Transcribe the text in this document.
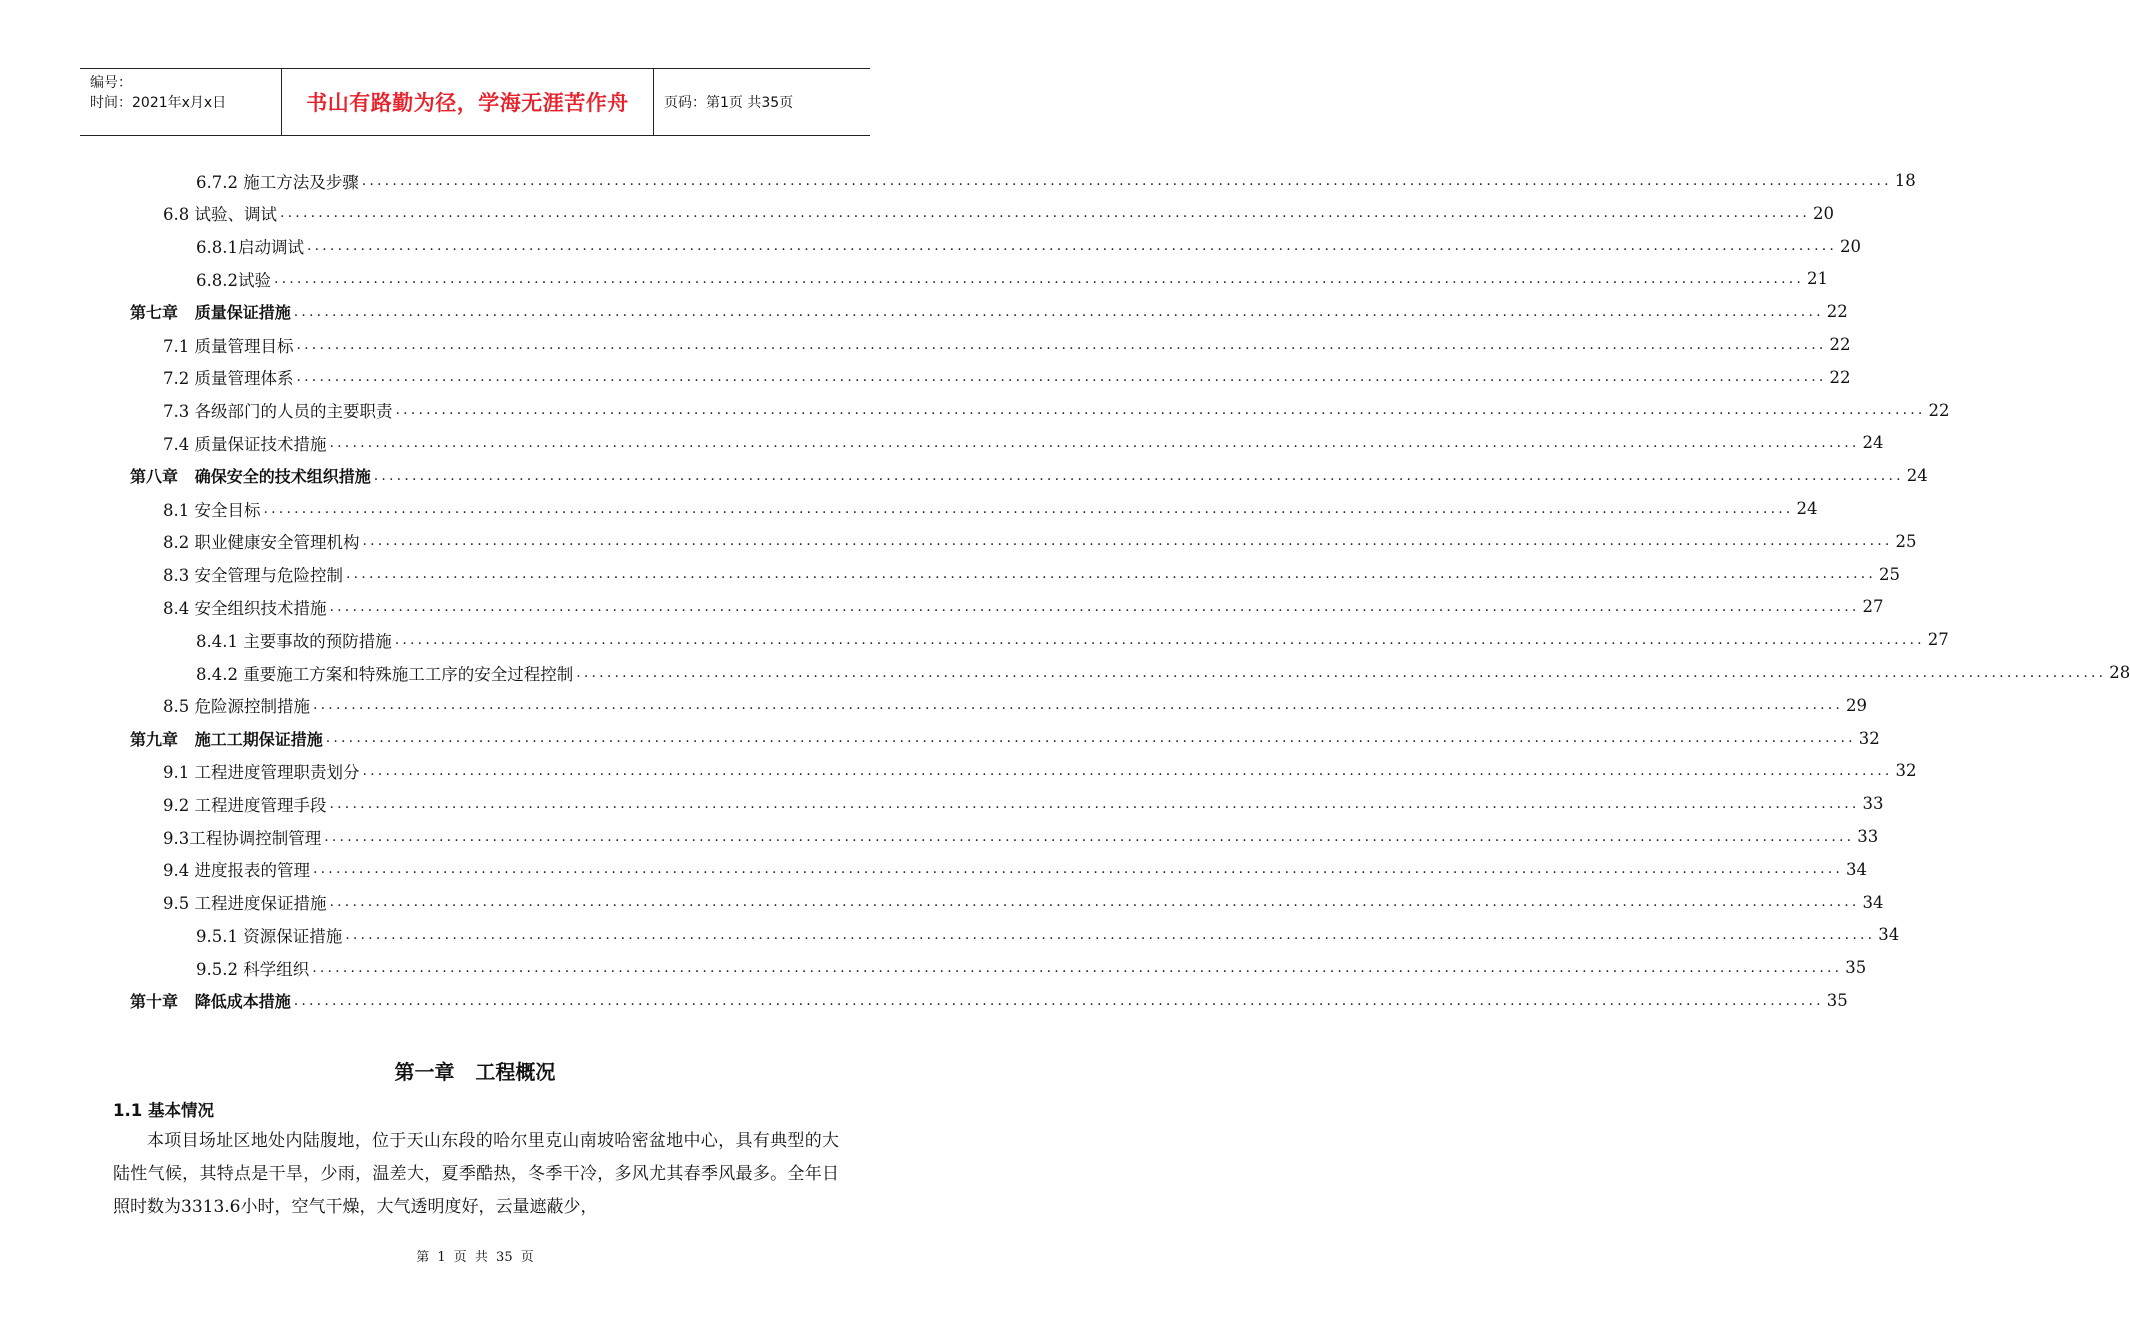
编号：
时间：2021年x月x日	书山有路勤为径，学海无涯苦作舟	页码：第1页 共35页
6.7.2 施工方法及步骤 ........................................................................................................................................................................................................ 18
6.8 试验、调试 ........................................................................................................................................................................................................ 20
6.8.1启动调试 ........................................................................................................................................................................................................ 20
6.8.2试验 ........................................................................................................................................................................................................ 21
第七章   质量保证措施 ........................................................................................................................................................................................................ 22
7.1 质量管理目标 ........................................................................................................................................................................................................ 22
7.2 质量管理体系 ........................................................................................................................................................................................................ 22
7.3 各级部门的人员的主要职责 ........................................................................................................................................................................................................ 22
7.4 质量保证技术措施 ........................................................................................................................................................................................................ 24
第八章   确保安全的技术组织措施 ........................................................................................................................................................................................................ 24
8.1 安全目标 ........................................................................................................................................................................................................ 24
8.2 职业健康安全管理机构 ........................................................................................................................................................................................................ 25
8.3 安全管理与危险控制 ........................................................................................................................................................................................................ 25
8.4 安全组织技术措施 ........................................................................................................................................................................................................ 27
8.4.1 主要事故的预防措施 ........................................................................................................................................................................................................ 27
8.4.2 重要施工方案和特殊施工工序的安全过程控制 ........................................................................................................................................................................................................ 28
8.5 危险源控制措施 ........................................................................................................................................................................................................ 29
第九章   施工工期保证措施 ........................................................................................................................................................................................................ 32
9.1 工程进度管理职责划分 ........................................................................................................................................................................................................ 32
9.2 工程进度管理手段 ........................................................................................................................................................................................................ 33
9.3工程协调控制管理 ........................................................................................................................................................................................................ 33
9.4 进度报表的管理 ........................................................................................................................................................................................................ 34
9.5 工程进度保证措施 ........................................................................................................................................................................................................ 34
9.5.1 资源保证措施 ........................................................................................................................................................................................................ 34
9.5.2 科学组织 ........................................................................................................................................................................................................ 35
第十章   降低成本措施 ........................................................................................................................................................................................................ 35
第一章   工程概况
1.1 基本情况
本项目场址区地处内陆腹地，位于天山东段的哈尔里克山南坡哈密盆地中心，具有典型的大陆性气候，其特点是干旱，少雨，温差大，夏季酷热，冬季干冷，多风尤其春季风最多。全年日照时数为3313.6小时，空气干燥，大气透明度好，云量遮蔽少，
第 1 页 共 35 页
